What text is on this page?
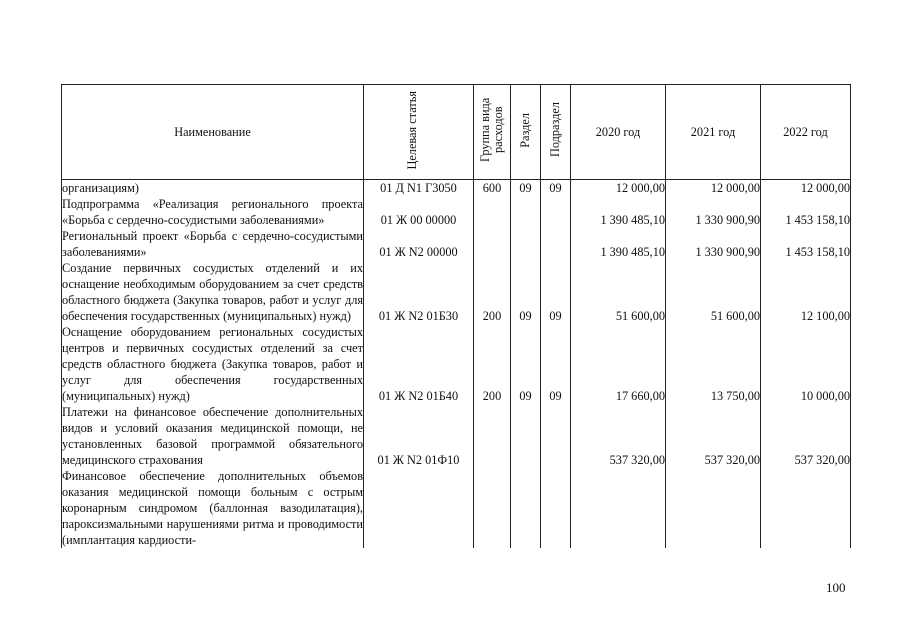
Наименование	Целевая статья	Группа вида расходов	Раздел	Подраздел	2020 год	2021 год	2022 год
организациям)	01 Д N1 Г3050	600	09	09	12 000,00	12 000,00	12 000,00
Подпрограмма «Реализация регионального проекта «Борьба с сердечно-сосудистыми заболеваниями»	01 Ж 00 00000				1 390 485,10	1 330 900,90	1 453 158,10
Региональный проект «Борьба с сердечно-сосудистыми заболеваниями»	01 Ж N2 00000				1 390 485,10	1 330 900,90	1 453 158,10
Создание первичных сосудистых отделений и их оснащение необходимым оборудованием за счет средств областного бюджета (Закупка товаров, работ и услуг для обеспечения государственных (муниципальных) нужд)	01 Ж N2 01Б30	200	09	09	51 600,00	51 600,00	12 100,00
Оснащение оборудованием региональных сосудистых центров и первичных сосудистых отделений за счет средств областного бюджета (Закупка товаров, работ и услуг для обеспечения государственных (муниципальных) нужд)	01 Ж N2 01Б40	200	09	09	17 660,00	13 750,00	10 000,00
Платежи на финансовое обеспечение дополнительных видов и условий оказания медицинской помощи, не установленных базовой программой обязательного медицинского страхования	01 Ж N2 01Ф10				537 320,00	537 320,00	537 320,00
Финансовое обеспечение дополнительных объемов оказания медицинской помощи больным с острым коронарным синдромом (баллонная вазодилатация), пароксизмальными нарушениями ритма и проводимости (имплантация кардиости-							
100
